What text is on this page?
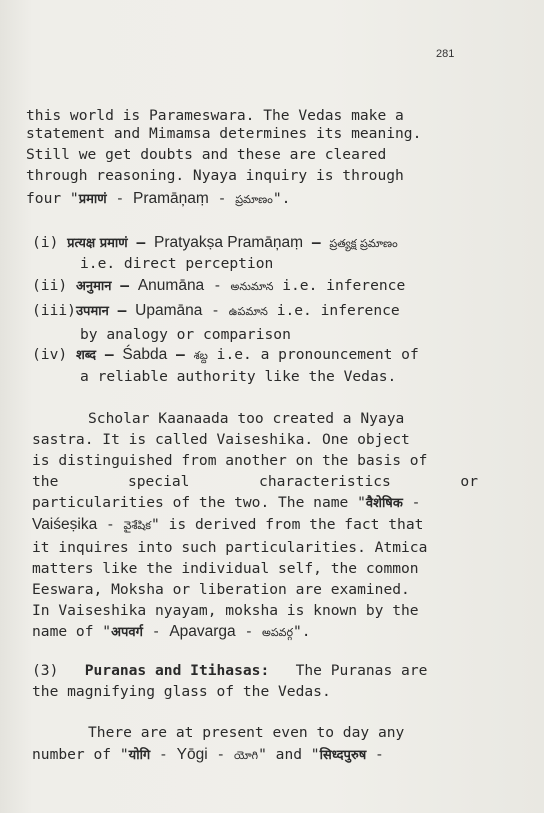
281
this world is Parameswara. The Vedas make a
statement and Mimamsa determines its meaning.
Still we get doubts and these are cleared
through reasoning. Nyaya inquiry is through
four "प्रमाणं - Pramāņaṃ - ప్రమాణం".
(i) प्रत्यक्ष प्रमाणं – Pratyakṣa Pramāņaṃ – ప్రత్యక్ష ప్రమాణం
i.e. direct perception
(ii) अनुमान – Anumāna - అనుమాన i.e. inference
(iii)उपमान – Upamāna - ఉపమాన i.e. inference
by analogy or comparison
(iv) शब्द – Śabda – శబ్ద i.e. a pronouncement of
a reliable authority like the Vedas.
Scholar Kaanaada too created a Nyaya
sastra. It is called Vaiseshika. One object
is distinguished from another on the basis of
the	special	characteristics	or
particularities of the two. The name "वैशेषिक -
Vaiśeṣika - వైశేషిక" is derived from the fact that
it inquires into such particularities. Atmica
matters like the individual self, the common
Eeswara, Moksha or liberation are examined.
In Vaiseshika nyayam, moksha is known by the
name of "अपवर्ग - Apavarga - అపవర్గ".
(3) Puranas and Itihasas: The Puranas are
the magnifying glass of the Vedas.
There are at present even to day any
number of "योगि - Yōgi - యోగి" and "सिध्दपुरुष -
